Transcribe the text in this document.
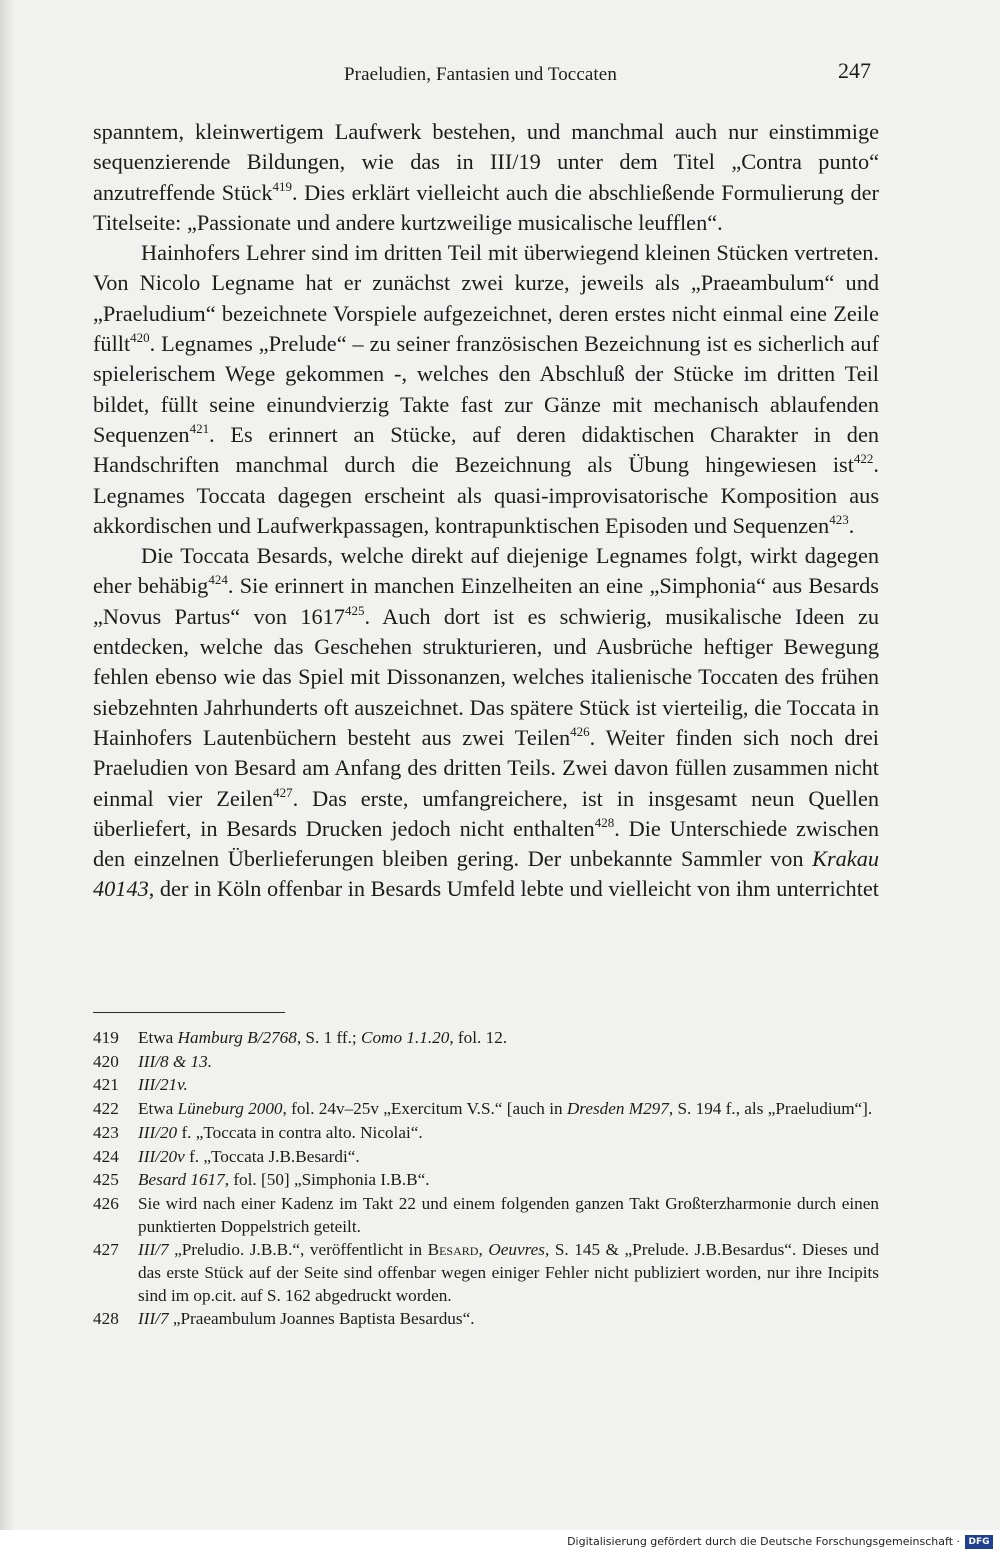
Praeludien, Fantasien und Toccaten	247

spanntem, kleinwertigem Laufwerk bestehen, und manchmal auch nur einstimmige sequenzierende Bildungen, wie das in III/19 unter dem Titel „Contra punto“ anzutreffende Stück$^{419}$. Dies erklärt vielleicht auch die abschließende Formulierung der Titelseite: „Passionate und andere kurtzweilige musicalische leufflen“.

Hainhofers Lehrer sind im dritten Teil mit überwiegend kleinen Stücken vertreten. Von Nicolo Legname hat er zunächst zwei kurze, jeweils als „Praeambulum“ und „Praeludium“ bezeichnete Vorspiele aufgezeichnet, deren erstes nicht einmal eine Zeile füllt$^{420}$. Legnames „Prelude“ – zu seiner französischen Bezeichnung ist es sicherlich auf spielerischem Wege gekommen -, welches den Abschluß der Stücke im dritten Teil bildet, füllt seine einundvierzig Takte fast zur Gänze mit mechanisch ablaufenden Sequenzen$^{421}$. Es erinnert an Stücke, auf deren didaktischen Charakter in den Handschriften manchmal durch die Bezeichnung als Übung hingewiesen ist$^{422}$. Legnames Toccata dagegen erscheint als quasi-improvisatorische Komposition aus akkordischen und Laufwerkpassagen, kontrapunktischen Episoden und Sequenzen$^{423}$.

Die Toccata Besards, welche direkt auf diejenige Legnames folgt, wirkt dagegen eher behäbig$^{424}$. Sie erinnert in manchen Einzelheiten an eine „Simphonia“ aus Besards „Novus Partus“ von 1617$^{425}$. Auch dort ist es schwierig, musikalische Ideen zu entdecken, welche das Geschehen strukturieren, und Ausbrüche heftiger Bewegung fehlen ebenso wie das Spiel mit Dissonanzen, welches italienische Toccaten des frühen siebzehnten Jahrhunderts oft auszeichnet. Das spätere Stück ist vierteilig, die Toccata in Hainhofers Lautenbüchern besteht aus zwei Teilen$^{426}$. Weiter finden sich noch drei Praeludien von Besard am Anfang des dritten Teils. Zwei davon füllen zusammen nicht einmal vier Zeilen$^{427}$. Das erste, umfangreichere, ist in insgesamt neun Quellen überliefert, in Besards Drucken jedoch nicht enthalten$^{428}$. Die Unterschiede zwischen den einzelnen Überlieferungen bleiben gering. Der unbekannte Sammler von Krakau 40143, der in Köln offenbar in Besards Umfeld lebte und vielleicht von ihm unterrichtet

419 Etwa Hamburg B/2768, S. 1 ff.; Como 1.1.20, fol. 12.
420 III/8 & 13.
421 III/21v.
422 Etwa Lüneburg 2000, fol. 24v–25v „Exercitum V.S.“ [auch in Dresden M297, S. 194 f., als „Praeludium“].
423 III/20 f. „Toccata in contra alto. Nicolai“.
424 III/20v f. „Toccata J.B.Besardi“.
425 Besard 1617, fol. [50] „Simphonia I.B.B“.
426 Sie wird nach einer Kadenz im Takt 22 und einem folgenden ganzen Takt Großterzharmonie durch einen punktierten Doppelstrich geteilt.
427 III/7 „Preludio. J.B.B.“, veröffentlicht in Besard, Oeuvres, S. 145 & „Prelude. J.B.Besardus“. Dieses und das erste Stück auf der Seite sind offenbar wegen einiger Fehler nicht publiziert worden, nur ihre Incipits sind im op.cit. auf S. 162 abgedruckt worden.
428 III/7 „Praeambulum Joannes Baptista Besardus“.
Digitalisierung gefördert durch die Deutsche Forschungsgemeinschaft · DFG
